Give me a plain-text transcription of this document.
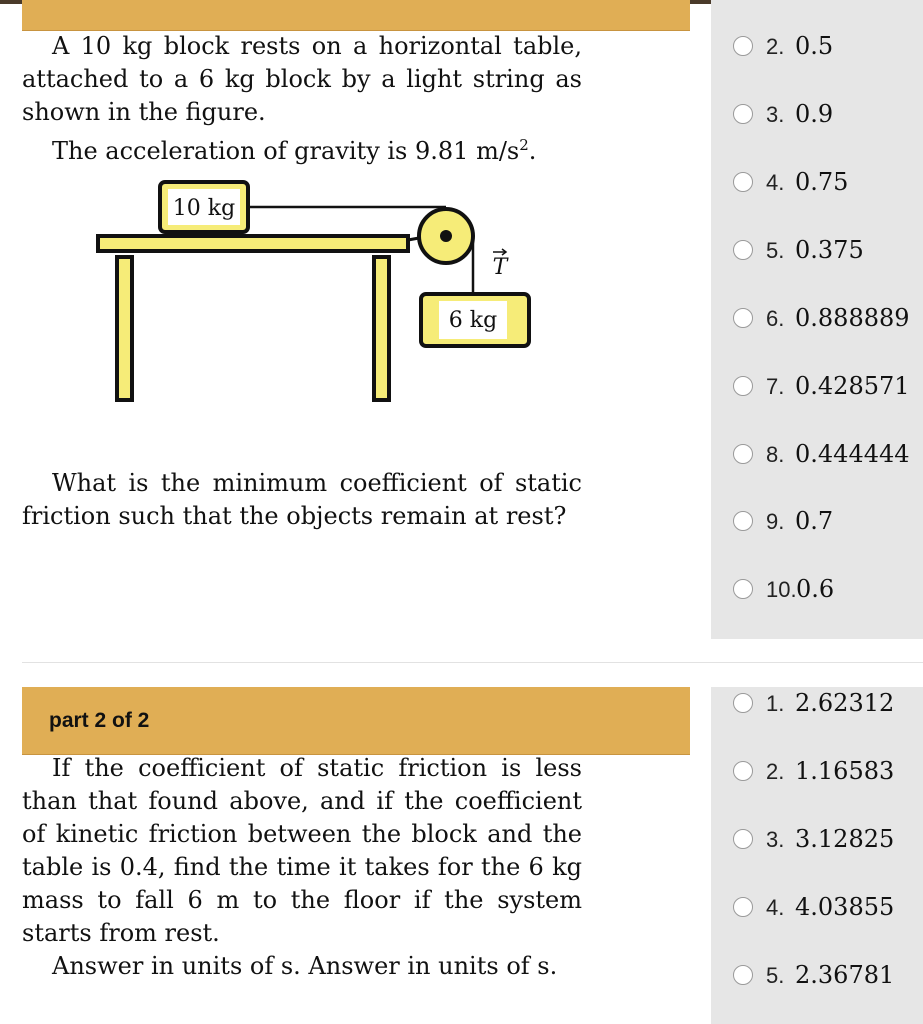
A 10 kg block rests on a horizontal table, attached to a 6 kg block by a light string as shown in the figure.

The acceleration of gravity is 9.81 $m/s^2$.

10 kg
6 kg
T

What is the minimum coefficient of static friction such that the objects remain at rest?

2. 0.5
3. 0.9
4. 0.75
5. 0.375
6. 0.888889
7. 0.428571
8. 0.444444
9. 0.7
10. 0.6
part 2 of 2

If the coefficient of static friction is less than that found above, and if the coefficient of kinetic friction between the block and the table is 0.4, find the time it takes for the 6 kg mass to fall 6 m to the floor if the system starts from rest.

Answer in units of s. Answer in units of s.

1. 2.62312
2. 1.16583
3. 3.12825
4. 4.03855
5. 2.36781
